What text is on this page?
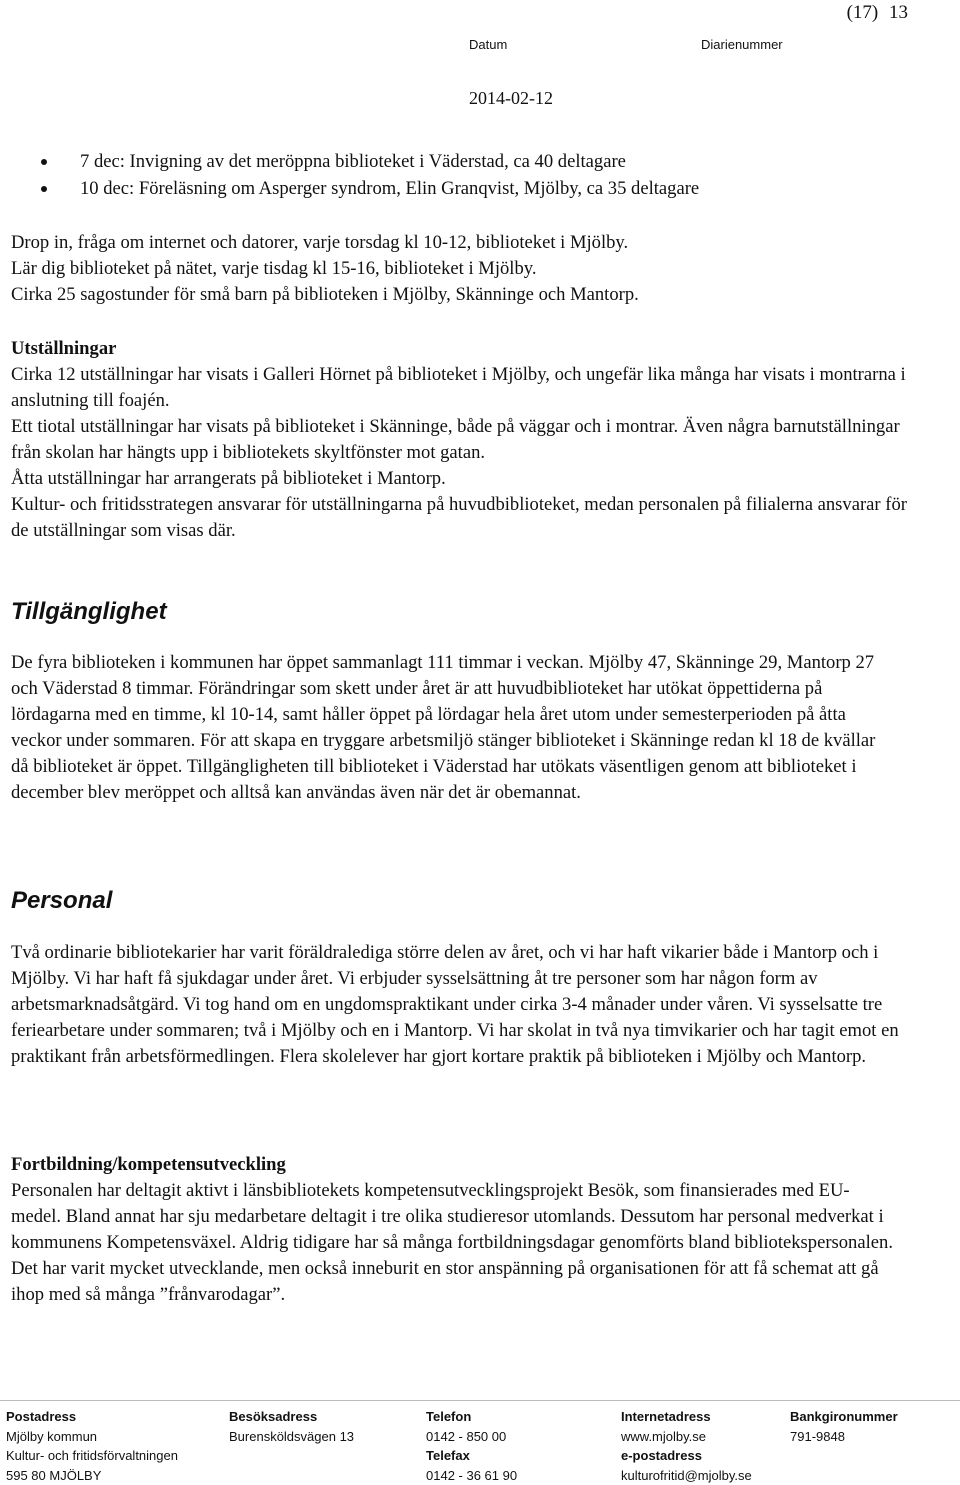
(17) 13
Datum	Diarienummer
2014-02-12
7 dec: Invigning av det meröppna biblioteket i Väderstad, ca 40 deltagare
10 dec: Föreläsning om Asperger syndrom, Elin Granqvist, Mjölby, ca 35 deltagare

Drop in, fråga om internet och datorer, varje torsdag kl 10-12, biblioteket i Mjölby.

Lär dig biblioteket på nätet, varje tisdag kl 15-16, biblioteket i Mjölby.

Cirka 25 sagostunder för små barn på biblioteken i Mjölby, Skänninge och Mantorp.

Utställningar

Cirka 12 utställningar har visats i Galleri Hörnet på biblioteket i Mjölby, och ungefär lika många har visats i montrarna i anslutning till foajén.

Ett tiotal utställningar har visats på biblioteket i Skänninge, både på väggar och i montrar. Även några barnutställningar från skolan har hängts upp i bibliotekets skyltfönster mot gatan.

Åtta utställningar har arrangerats på biblioteket i Mantorp.

Kultur- och fritidsstrategen ansvarar för utställningarna på huvudbiblioteket, medan personalen på filialerna ansvarar för de utställningar som visas där.

Tillgänglighet

De fyra biblioteken i kommunen har öppet sammanlagt 111 timmar i veckan. Mjölby 47, Skänninge 29, Mantorp 27 och Väderstad 8 timmar. Förändringar som skett under året är att huvudbiblioteket har utökat öppettiderna på lördagarna med en timme, kl 10-14, samt håller öppet på lördagar hela året utom under semesterperioden på åtta veckor under sommaren. För att skapa en tryggare arbetsmiljö stänger biblioteket i Skänninge redan kl 18 de kvällar då biblioteket är öppet. Tillgängligheten till biblioteket i Väderstad har utökats väsentligen genom att biblioteket i december blev meröppet och alltså kan användas även när det är obemannat.

Personal

Två ordinarie bibliotekarier har varit föräldralediga större delen av året, och vi har haft vikarier både i Mantorp och i Mjölby. Vi har haft få sjukdagar under året. Vi erbjuder sysselsättning åt tre personer som har någon form av arbetsmarknadsåtgärd. Vi tog hand om en ungdomspraktikant under cirka 3-4 månader under våren. Vi sysselsatte tre feriearbetare under sommaren; två i Mjölby och en i Mantorp. Vi har skolat in två nya timvikarier och har tagit emot en praktikant från arbetsförmedlingen. Flera skolelever har gjort kortare praktik på biblioteken i Mjölby och Mantorp.

Fortbildning/kompetensutveckling

Personalen har deltagit aktivt i länsbibliotekets kompetensutvecklingsprojekt Besök, som finansierades med EU-medel. Bland annat har sju medarbetare deltagit i tre olika studieresor utomlands. Dessutom har personal medverkat i kommunens Kompetensväxel. Aldrig tidigare har så många fortbildningsdagar genomförts bland bibliotekspersonalen. Det har varit mycket utvecklande, men också inneburit en stor anspänning på organisationen för att få schemat att gå ihop med så många ”frånvarodagar”.

Postadress
Mjölby kommun
Kultur- och fritidsförvaltningen
595 80 MJÖLBY
Besöksadress
Burensköldsvägen 13
Telefon
0142 - 850 00
Telefax
0142 - 36 61 90
Internetadress
www.mjolby.se
e-postadress
kulturofritid@mjolby.se
Bankgironummer
791-9848
